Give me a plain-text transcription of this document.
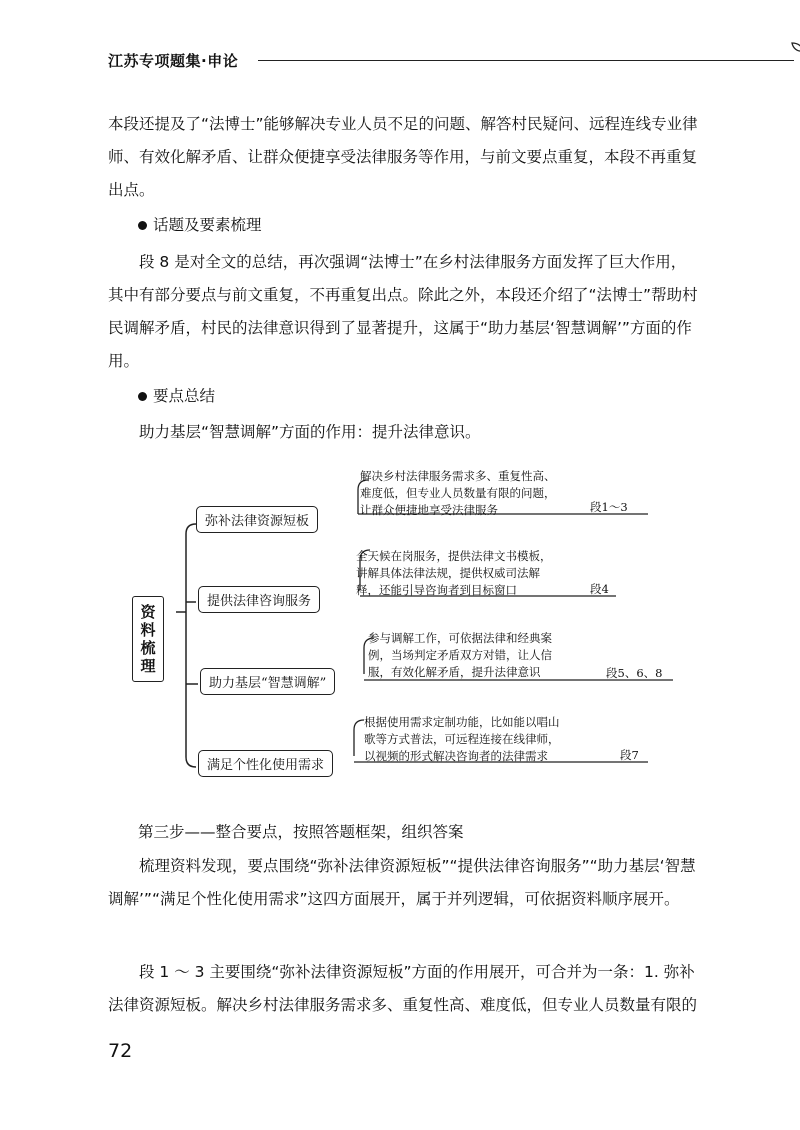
江苏专项题集·申论
本段还提及了“法博士”能够解决专业人员不足的问题、解答村民疑问、远程连线专业律师、有效化解矛盾、让群众便捷享受法律服务等作用，与前文要点重复，本段不再重复出点。
话题及要素梳理
段 8 是对全文的总结，再次强调“法博士”在乡村法律服务方面发挥了巨大作用，其中有部分要点与前文重复，不再重复出点。除此之外，本段还介绍了“法博士”帮助村民调解矛盾，村民的法律意识得到了显著提升，这属于“助力基层‘智慧调解’”方面的作用。
要点总结
助力基层“智慧调解”方面的作用：提升法律意识。
资料梳理
弥补法律资源短板
解决乡村法律服务需求多、重复性高、
难度低，但专业人员数量有限的问题，
让群众便捷地享受法律服务	段1～3
提供法律咨询服务
全天候在岗服务，提供法律文书模板，
讲解具体法律法规，提供权威司法解
释，还能引导咨询者到目标窗口	段4
助力基层“智慧调解”
参与调解工作，可依据法律和经典案
例，当场判定矛盾双方对错，让人信
服，有效化解矛盾，提升法律意识	段5、6、8
满足个性化使用需求
根据使用需求定制功能，比如能以唱山
歌等方式普法，可远程连接在线律师，
以视频的形式解决咨询者的法律需求	段7
第三步——整合要点，按照答题框架，组织答案
梳理资料发现，要点围绕“弥补法律资源短板”“提供法律咨询服务”“助力基层‘智慧调解’”“满足个性化使用需求”这四方面展开，属于并列逻辑，可依据资料顺序展开。
段 1 ～ 3 主要围绕“弥补法律资源短板”方面的作用展开，可合并为一条：1. 弥补法律资源短板。解决乡村法律服务需求多、重复性高、难度低，但专业人员数量有限的
72
